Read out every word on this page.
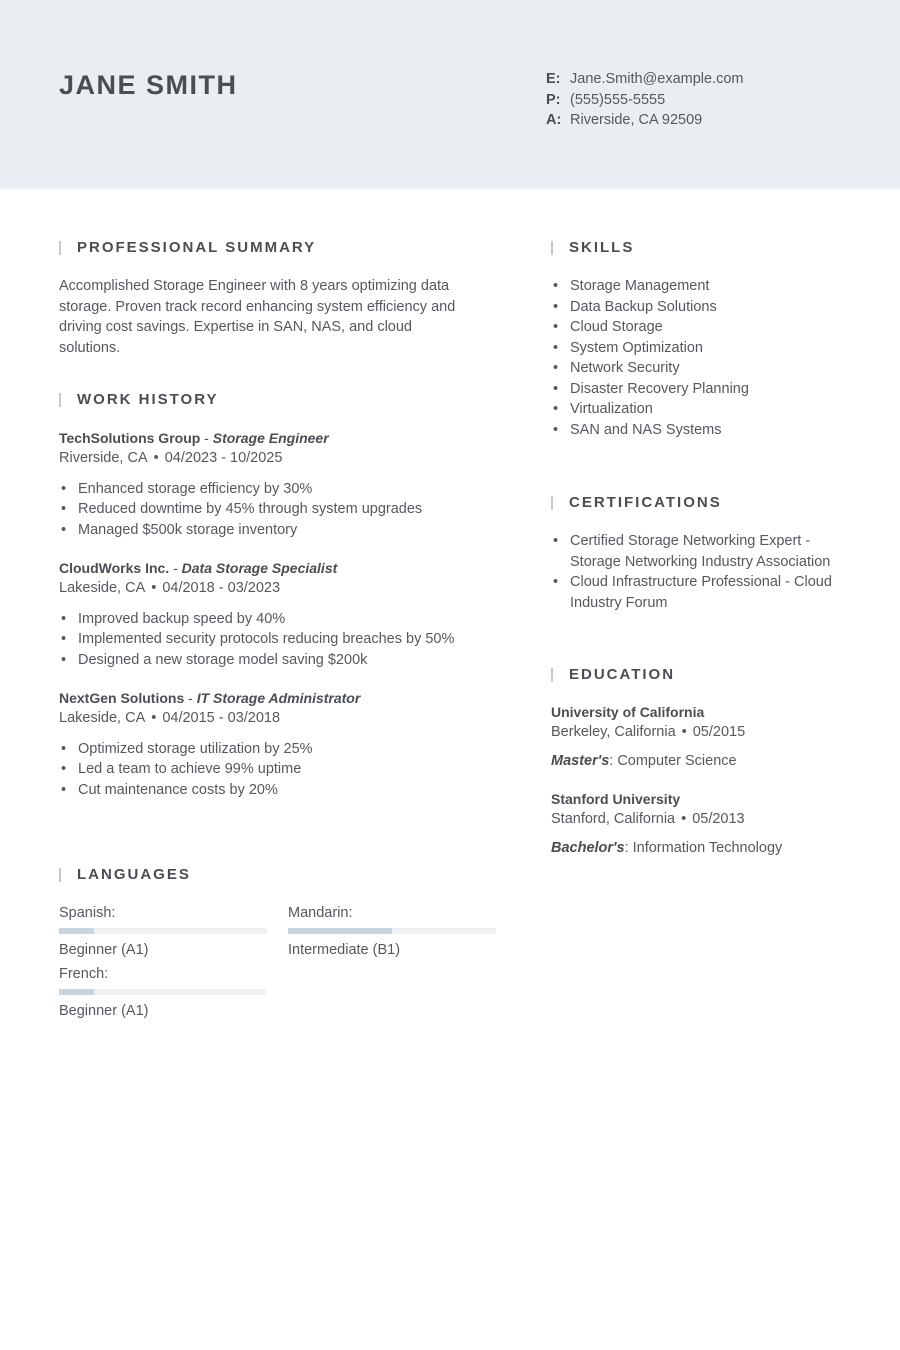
JANE SMITH	E: Jane.Smith@example.com
P: (555)555-5555
A: Riverside, CA 92509
PROFESSIONAL SUMMARY
Accomplished Storage Engineer with 8 years optimizing data storage. Proven track record enhancing system efficiency and driving cost savings. Expertise in SAN, NAS, and cloud solutions.
WORK HISTORY
TechSolutions Group - Storage Engineer
Riverside, CA • 04/2023 - 10/2025
• Enhanced storage efficiency by 30%
• Reduced downtime by 45% through system upgrades
• Managed $500k storage inventory
CloudWorks Inc. - Data Storage Specialist
Lakeside, CA • 04/2018 - 03/2023
• Improved backup speed by 40%
• Implemented security protocols reducing breaches by 50%
• Designed a new storage model saving $200k
NextGen Solutions - IT Storage Administrator
Lakeside, CA • 04/2015 - 03/2018
• Optimized storage utilization by 25%
• Led a team to achieve 99% uptime
• Cut maintenance costs by 20%
LANGUAGES
Spanish:
Beginner (A1)
Mandarin:
Intermediate (B1)
French:
Beginner (A1)
SKILLS
• Storage Management
• Data Backup Solutions
• Cloud Storage
• System Optimization
• Network Security
• Disaster Recovery Planning
• Virtualization
• SAN and NAS Systems
CERTIFICATIONS
• Certified Storage Networking Expert - Storage Networking Industry Association
• Cloud Infrastructure Professional - Cloud Industry Forum
EDUCATION
University of California
Berkeley, California • 05/2015
Master's: Computer Science
Stanford University
Stanford, California • 05/2013
Bachelor's: Information Technology
